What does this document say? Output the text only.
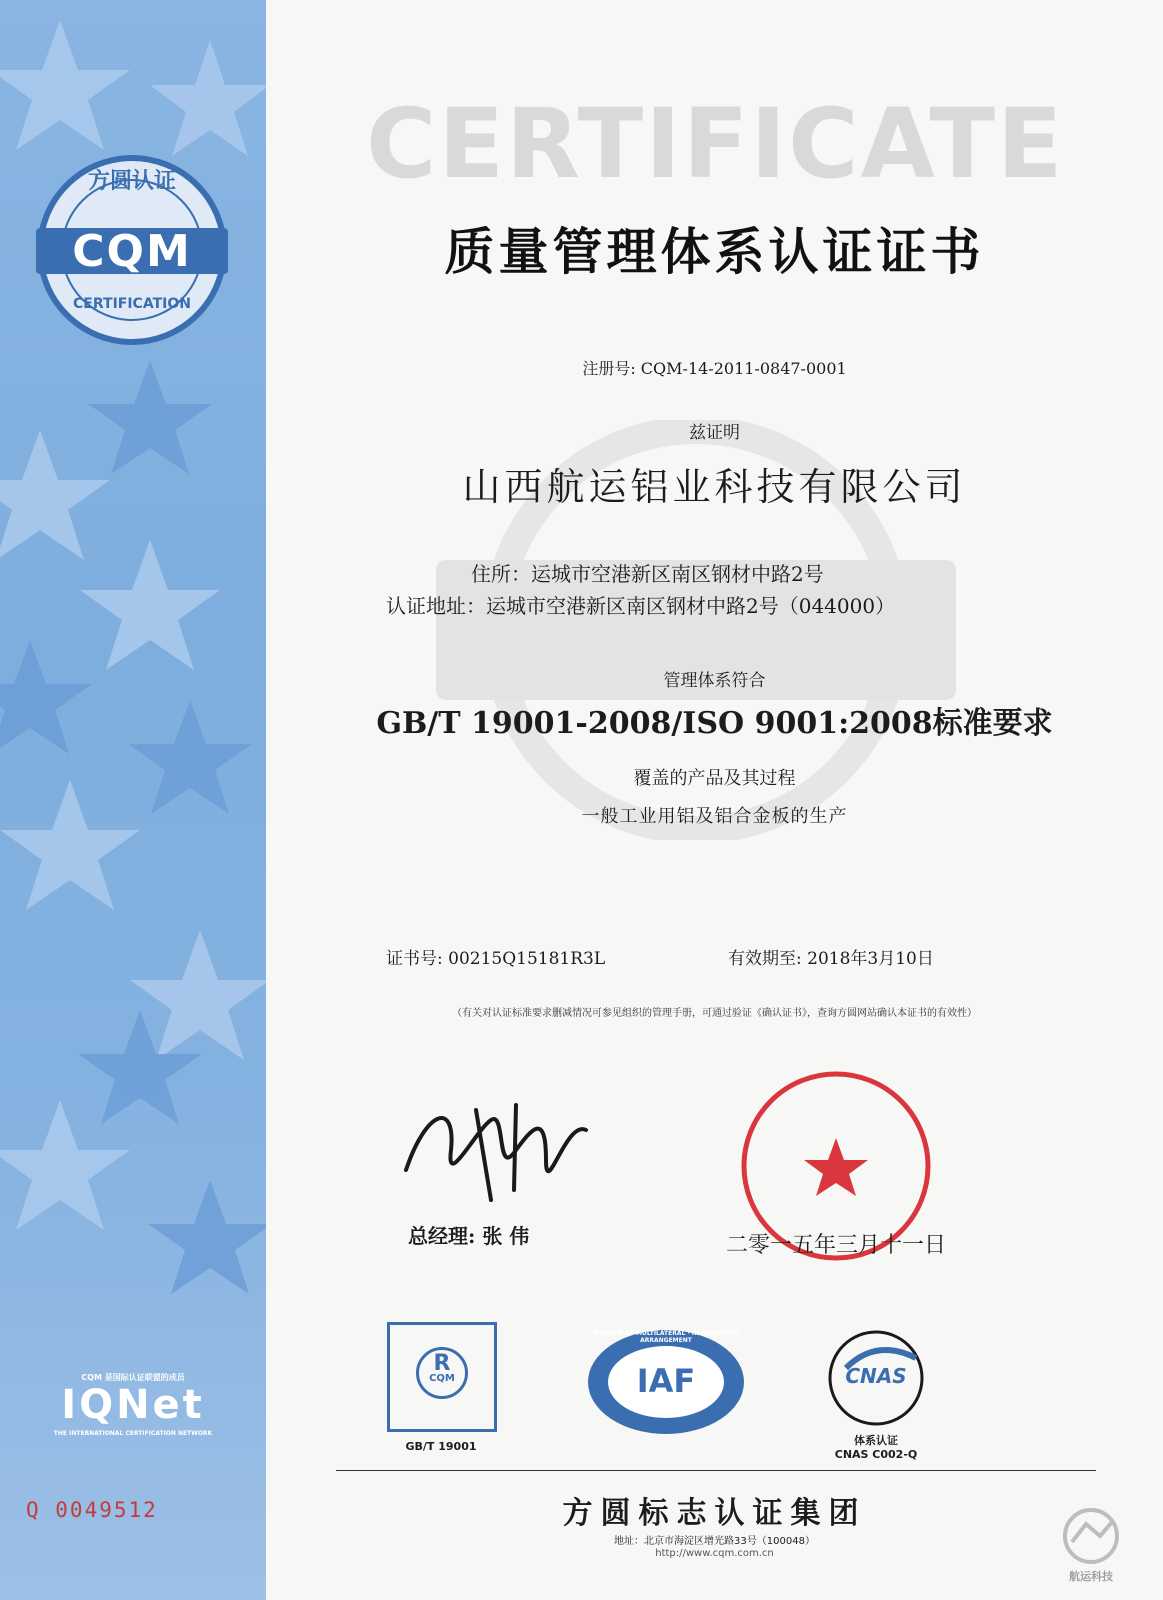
方圆认证
CQM
CERTIFICATION
CQM 是国际认证联盟的成员
IQNet
THE INTERNATIONAL CERTIFICATION NETWORK
Q 0049512
CERTIFICATE
质量管理体系认证证书
注册号: CQM-14-2011-0847-0001
兹证明
山西航运铝业科技有限公司
住所：运城市空港新区南区钢材中路2号
认证地址：运城市空港新区南区钢材中路2号（044000）
管理体系符合
GB/T 19001-2008/ISO 9001:2008标准要求
覆盖的产品及其过程
一般工业用铝及铝合金板的生产
证书号: 00215Q15181R3L	有效期至: 2018年3月10日
（有关对认证标准要求删减情况可参见组织的管理手册，可通过验证《确认证书》，查询方圆网站确认本证书的有效性）
总经理: 张 伟	二零一五年三月十一日
R
CQM
GB/T 19001
IAF
MEMBER OF MULTILATERAL · RECOGNITION ARRANGEMENT
CNAS
体系认证
CNAS C002-Q
方圆标志认证集团
地址：北京市海淀区增光路33号（100048）
http://www.cqm.com.cn
航运科技
